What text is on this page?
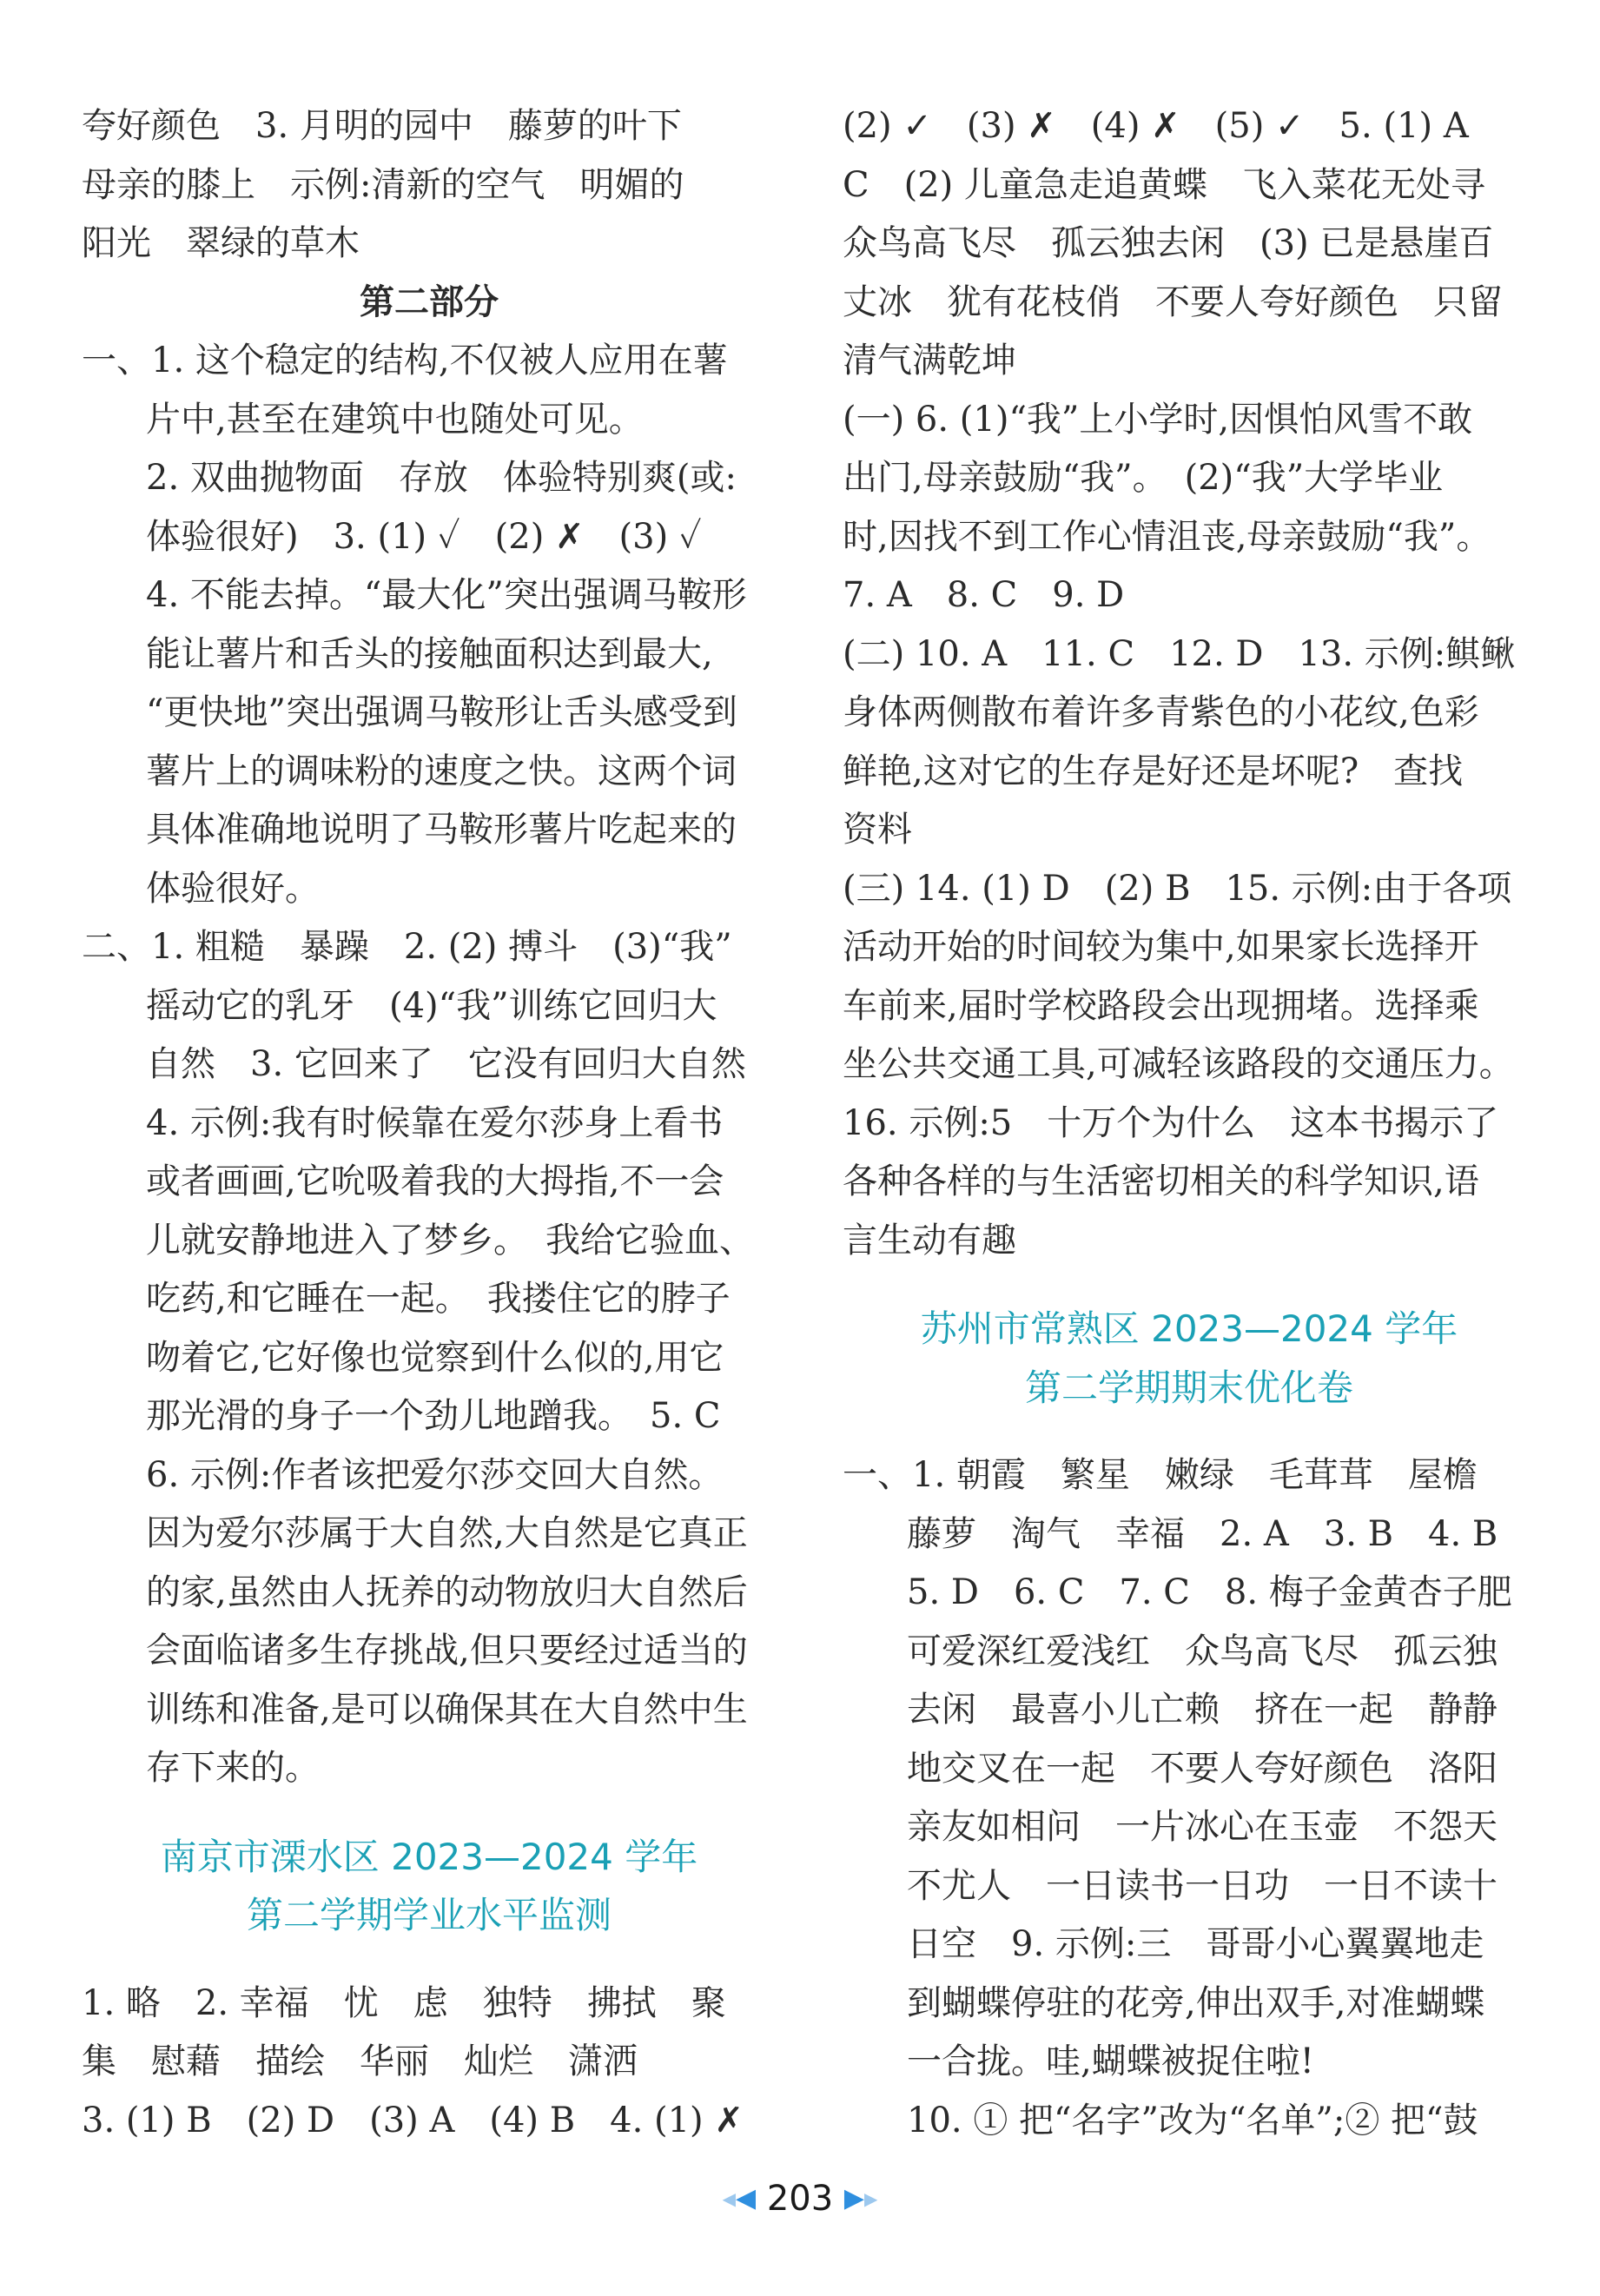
夸好颜色　3. 月明的园中　藤萝的叶下
母亲的膝上　示例:清新的空气　明媚的
阳光　翠绿的草木
第二部分
一、1. 这个稳定的结构,不仅被人应用在薯
片中,甚至在建筑中也随处可见。
2. 双曲抛物面　存放　体验特别爽(或:
体验很好)　3. (1) ✓　(2) ✗　(3) ✓
4. 不能去掉。“最大化”突出强调马鞍形
能让薯片和舌头的接触面积达到最大,
“更快地”突出强调马鞍形让舌头感受到
薯片上的调味粉的速度之快。这两个词
具体准确地说明了马鞍形薯片吃起来的
体验很好。
二、1. 粗糙　暴躁　2. (2) 搏斗　(3)“我”
摇动它的乳牙　(4)“我”训练它回归大
自然　3. 它回来了　它没有回归大自然
4. 示例:我有时候靠在爱尔莎身上看书
或者画画,它吮吸着我的大拇指,不一会
儿就安静地进入了梦乡。　我给它验血、
吃药,和它睡在一起。　我搂住它的脖子
吻着它,它好像也觉察到什么似的,用它
那光滑的身子一个劲儿地蹭我。　5. C
6. 示例:作者该把爱尔莎交回大自然。
因为爱尔莎属于大自然,大自然是它真正
的家,虽然由人抚养的动物放归大自然后
会面临诸多生存挑战,但只要经过适当的
训练和准备,是可以确保其在大自然中生
存下来的。
南京市溧水区 2023—2024 学年
第二学期学业水平监测
1. 略　2. 幸福　忧　虑　独特　拂拭　聚
集　慰藉　描绘　华丽　灿烂　潇洒
3. (1) B　(2) D　(3) A　(4) B　4. (1) ✗
(2) ✓　(3) ✗　(4) ✗　(5) ✓　5. (1) A
C　(2) 儿童急走追黄蝶　飞入菜花无处寻
众鸟高飞尽　孤云独去闲　(3) 已是悬崖百
丈冰　犹有花枝俏　不要人夸好颜色　只留
清气满乾坤
(一) 6. (1)“我”上小学时,因惧怕风雪不敢
出门,母亲鼓励“我”。　(2)“我”大学毕业
时,因找不到工作心情沮丧,母亲鼓励“我”。
7. A　8. C　9. D
(二) 10. A　11. C　12. D　13. 示例:鲯鳅
身体两侧散布着许多青紫色的小花纹,色彩
鲜艳,这对它的生存是好还是坏呢?　查找
资料
(三) 14. (1) D　(2) B　15. 示例:由于各项
活动开始的时间较为集中,如果家长选择开
车前来,届时学校路段会出现拥堵。选择乘
坐公共交通工具,可减轻该路段的交通压力。
16. 示例:5　十万个为什么　这本书揭示了
各种各样的与生活密切相关的科学知识,语
言生动有趣
苏州市常熟区 2023—2024 学年
第二学期期末优化卷
一、1. 朝霞　繁星　嫩绿　毛茸茸　屋檐
藤萝　淘气　幸福　2. A　3. B　4. B
5. D　6. C　7. C　8. 梅子金黄杏子肥
可爱深红爱浅红　众鸟高飞尽　孤云独
去闲　最喜小儿亡赖　挤在一起　静静
地交叉在一起　不要人夸好颜色　洛阳
亲友如相问　一片冰心在玉壶　不怨天
不尤人　一日读书一日功　一日不读十
日空　9. 示例:三　哥哥小心翼翼地走
到蝴蝶停驻的花旁,伸出双手,对准蝴蝶
一合拢。哇,蝴蝶被捉住啦!
10. ① 把“名字”改为“名单”;② 把“鼓
◀◀ 203 ▶▶
